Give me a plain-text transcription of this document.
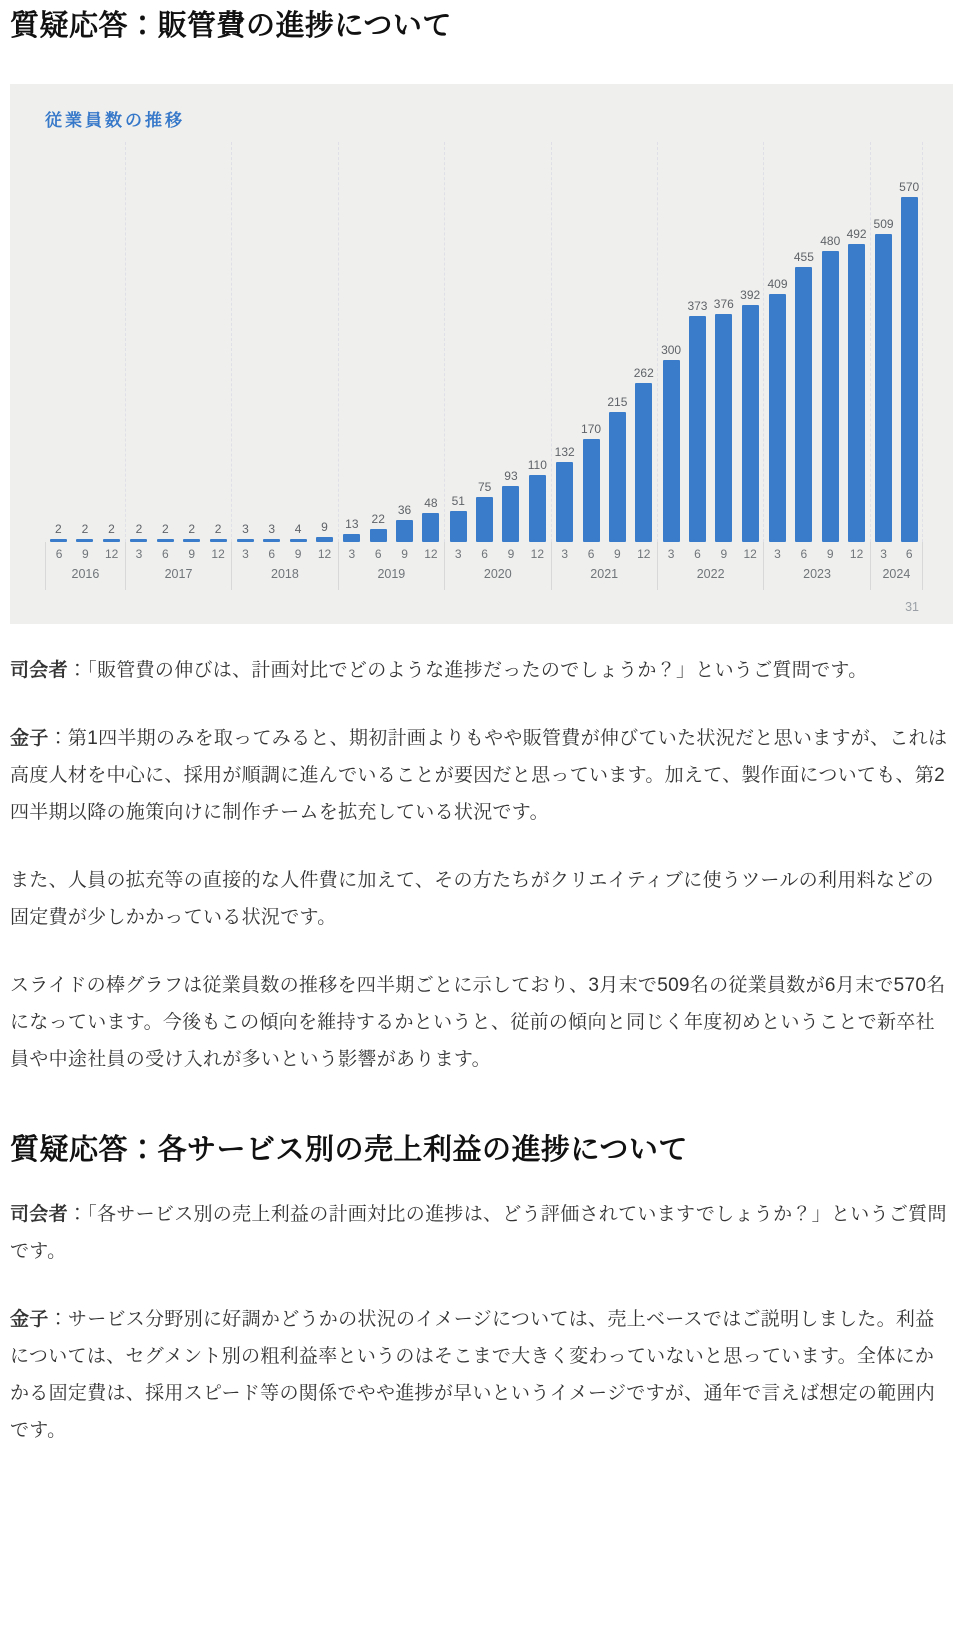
質疑応答：販管費の進捗について
従業員数の推移
2 2 2
6	9	12
2016
2 2 2 2
3	6	9	12
2017
3 3 4 9
3	6	9	12
2018
13 22
36 48
3	6	9	12
2019
51
75
93
110
3	6	9	12
2020
132
170
215
262
3	6	9	12
2021
300
373 376
392
3	6	9	12
2022
409
455
480 492
3	6	9	12
2023
509
570
3	6
2024
31

司会者：「販管費の伸びは、計画対比でどのような進捗だったのでしょうか？」というご質問です。

金子：第1四半期のみを取ってみると、期初計画よりもやや販管費が伸びていた状況だと思いますが、これは高度人材を中心に、採用が順調に進んでいることが要因だと思っています。加えて、製作面についても、第2四半期以降の施策向けに制作チームを拡充している状況です。

また、人員の拡充等の直接的な人件費に加えて、その方たちがクリエイティブに使うツールの利用料などの固定費が少しかかっている状況です。

スライドの棒グラフは従業員数の推移を四半期ごとに示しており、3月末で509名の従業員数が6月末で570名になっています。今後もこの傾向を維持するかというと、従前の傾向と同じく年度初めということで新卒社員や中途社員の受け入れが多いという影響があります。

質疑応答：各サービス別の売上利益の進捗について

司会者：「各サービス別の売上利益の計画対比の進捗は、どう評価されていますでしょうか？」というご質問です。

金子：サービス分野別に好調かどうかの状況のイメージについては、売上ベースではご説明しました。利益については、セグメント別の粗利益率というのはそこまで大きく変わっていないと思っています。全体にかかる固定費は、採用スピード等の関係でやや進捗が早いというイメージですが、通年で言えば想定の範囲内です。
